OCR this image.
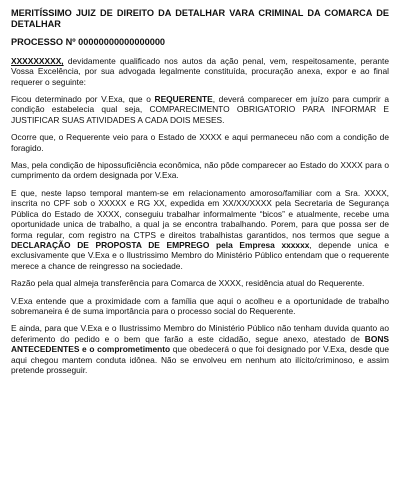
MERITÍSSIMO JUIZ DE DIREITO DA DETALHAR VARA CRIMINAL DA COMARCA DE DETALHAR
PROCESSO Nº 00000000000000000

XXXXXXXXX, devidamente qualificado nos autos da ação penal, vem, respeitosamente, perante Vossa Excelência, por sua advogada legalmente constituída, procuração anexa, expor e ao final requerer o seguinte:

Ficou determinado por V.Exa, que o REQUERENTE, deverá comparecer em juízo para cumprir a condição estabelecia qual seja, COMPARECIMENTO OBRIGATORIO PARA INFORMAR E JUSTIFICAR SUAS ATIVIDADES A CADA DOIS MESES.

Ocorre que, o Requerente veio para o Estado de XXXX e aqui permaneceu não com a condição de foragido.

Mas, pela condição de hipossuficiência econômica, não pôde comparecer ao Estado do XXXX para o cumprimento da ordem designada por V.Exa.

E que, neste lapso temporal mantem-se em relacionamento amoroso/familiar com a Sra. XXXX, inscrita no CPF sob o XXXXX e RG XX, expedida em XX/XX/XXXX pela Secretaria de Segurança Pública do Estado de XXXX, conseguiu trabalhar informalmente “bicos” e atualmente, recebe uma oportunidade unica de trabalho, a qual ja se encontra trabalhando. Porem, para que possa ser de forma regular, com registro na CTPS e direitos trabalhistas garantidos, nos termos que segue a DECLARAÇÃO DE PROPOSTA DE EMPREGO pela Empresa xxxxxx, depende unica e exclusivamente que V.Exa e o Ilustrissimo Membro do Ministério Público entendam que o requerente merece a chance de reingresso na sociedade.

Razão pela qual almeja transferência para Comarca de XXXX, residência atual do Requerente.

V.Exa entende que a proximidade com a família que aqui o acolheu e a oportunidade de trabalho sobremaneira é de suma importância para o processo social do Requerente.

E ainda, para que V.Exa e o Ilustrissimo Membro do Ministério Público não tenham duvida quanto ao deferimento do pedido e o bem que farão a este cidadão, segue anexo, atestado de BONS ANTECEDENTES e o comprometimento que obedecerá o que foi designado por V.Exa, desde que aqui chegou mantem conduta idônea. Não se envolveu em nenhum ato ilícito/criminoso, e assim pretende prosseguir.
